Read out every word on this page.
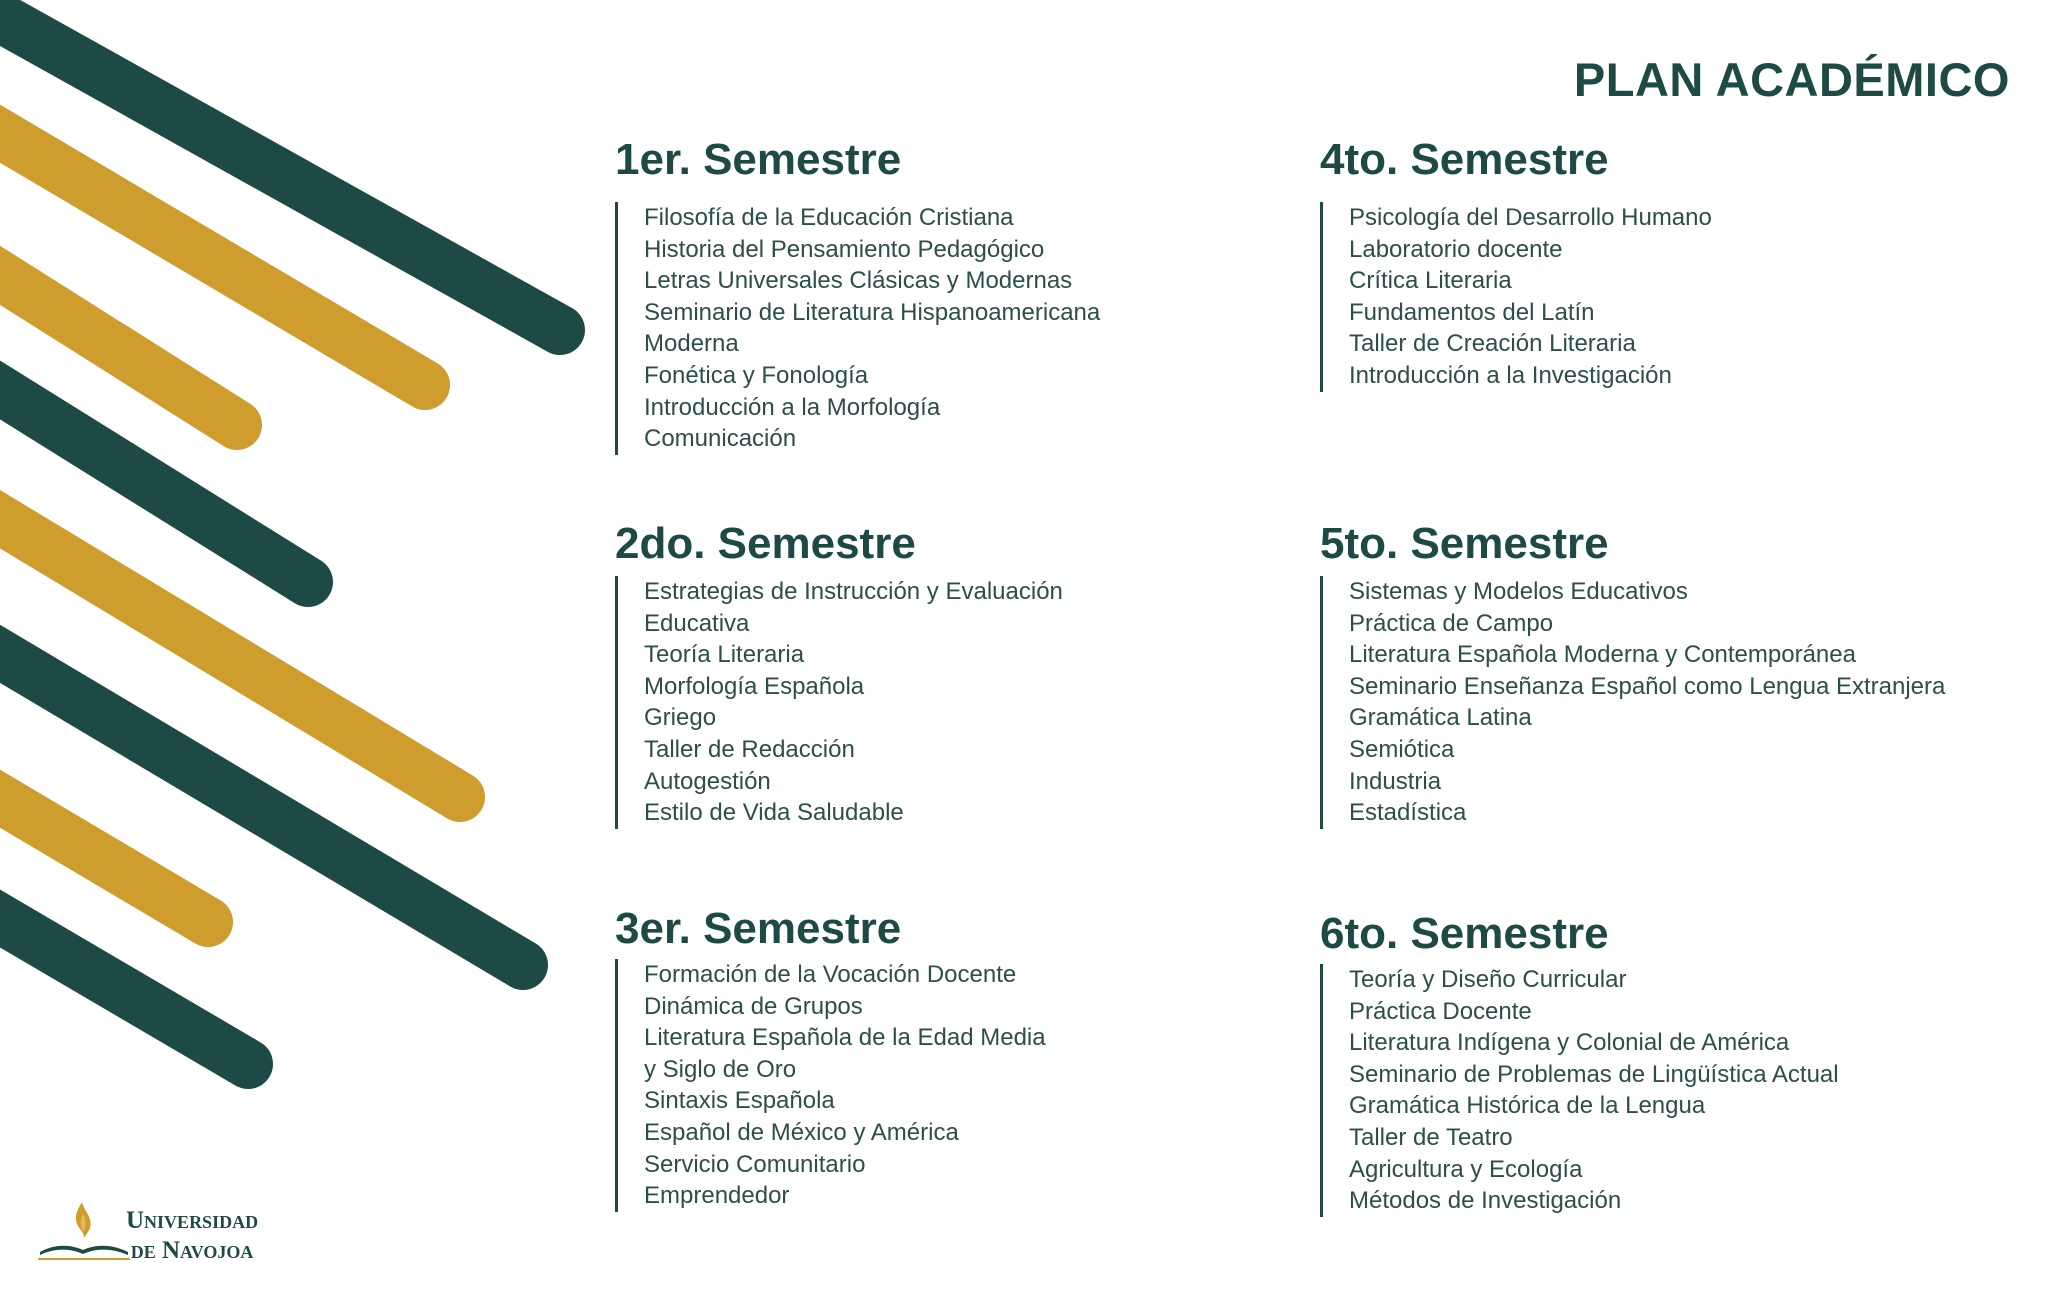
PLAN ACADÉMICO
1er. Semestre
Filosofía de la Educación Cristiana
Historia del Pensamiento Pedagógico
Letras Universales Clásicas y Modernas
Seminario de Literatura Hispanoamericana
Moderna
Fonética y Fonología
Introducción a la Morfología
Comunicación
2do. Semestre
Estrategias de Instrucción y Evaluación
Educativa
Teoría Literaria
Morfología Española
Griego
Taller de Redacción
Autogestión
Estilo de Vida Saludable
3er. Semestre
Formación de la Vocación Docente
Dinámica de Grupos
Literatura Española de la Edad Media
y Siglo de Oro
Sintaxis Española
Español de México y América
Servicio Comunitario
Emprendedor
4to. Semestre
Psicología del Desarrollo Humano
Laboratorio docente
Crítica Literaria
Fundamentos del Latín
Taller de Creación Literaria
Introducción a la Investigación
5to. Semestre
Sistemas y Modelos Educativos
Práctica de Campo
Literatura Española Moderna y Contemporánea
Seminario Enseñanza Español como Lengua Extranjera
Gramática Latina
Semiótica
Industria
Estadística
6to. Semestre
Teoría y Diseño Curricular
Práctica Docente
Literatura Indígena y Colonial de América
Seminario de Problemas de Lingüística Actual
Gramática Histórica de la Lengua
Taller de Teatro
Agricultura y Ecología
Métodos de Investigación
Universidad
de Navojoa
